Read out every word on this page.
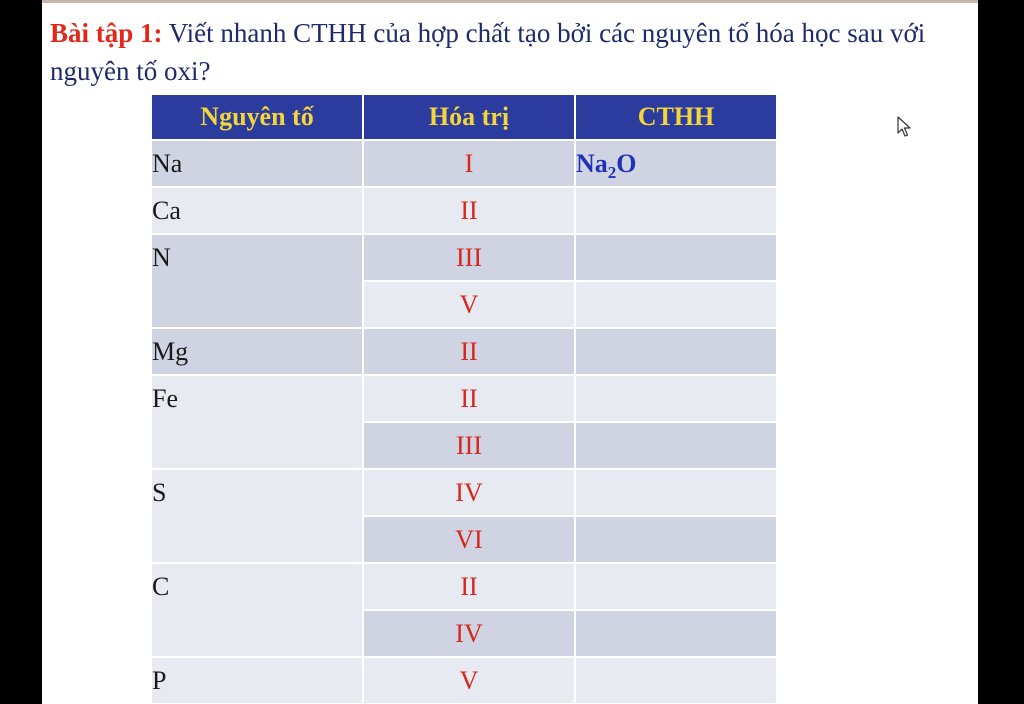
Bài tập 1: Viết nhanh CTHH của hợp chất tạo bởi các nguyên tố hóa học sau với nguyên tố oxi?
Nguyên tố	Hóa trị	CTHH
Na	I	$Na_2O$
Ca	II	
N	III	
	V	
Mg	II	
Fe	II	
	III	
S	IV	
	VI	
C	II	
	IV	
P	V	
